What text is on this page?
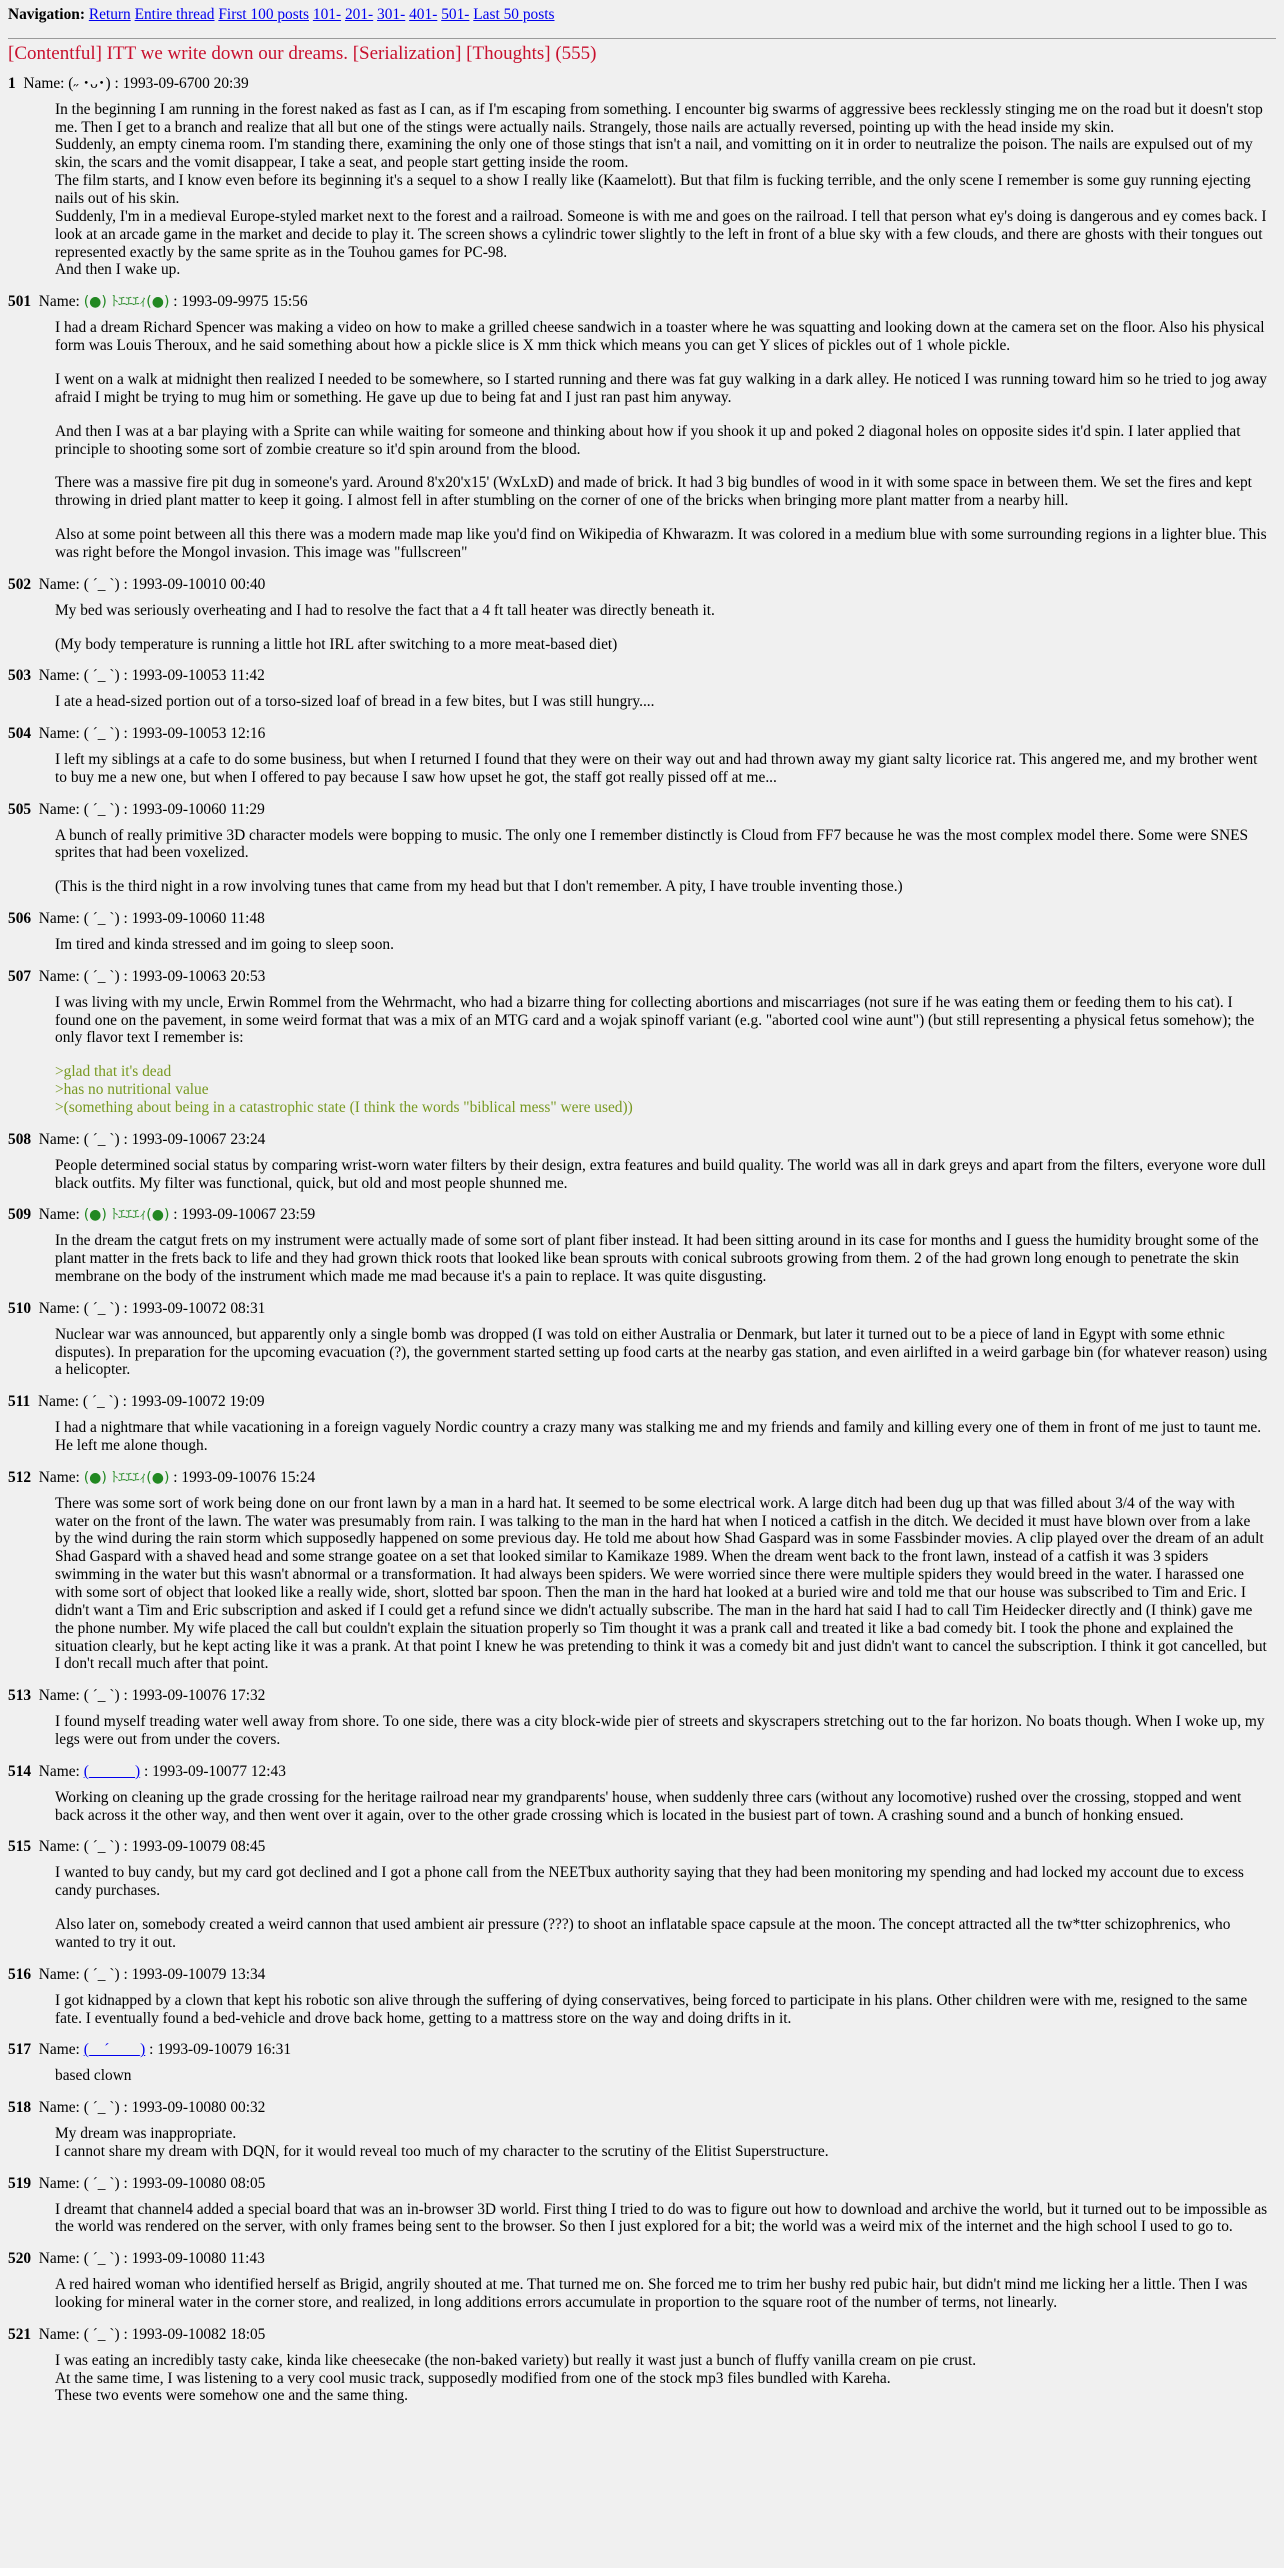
Navigation: Return Entire thread First 100 posts 101- 201- 301- 401- 501- Last 50 posts
[Contentful] ITT we write down our dreams. [Serialization] [Thoughts] (555)
1 Name: (˶ ･ᴗ･) : 1993-09-6700 20:39

In the beginning I am running in the forest naked as fast as I can, as if I'm escaping from something. I encounter big swarms of aggressive bees recklessly stinging me on the road but it doesn't stop me. Then I get to a branch and realize that all but one of the stings were actually nails. Strangely, those nails are actually reversed, pointing up with the head inside my skin.
Suddenly, an empty cinema room. I'm standing there, examining the only one of those stings that isn't a nail, and vomitting on it in order to neutralize the poison. The nails are expulsed out of my skin, the scars and the vomit disappear, I take a seat, and people start getting inside the room.
The film starts, and I know even before its beginning it's a sequel to a show I really like (Kaamelott). But that film is fucking terrible, and the only scene I remember is some guy running ejecting nails out of his skin.
Suddenly, I'm in a medieval Europe-styled market next to the forest and a railroad. Someone is with me and goes on the railroad. I tell that person what ey's doing is dangerous and ey comes back. I look at an arcade game in the market and decide to play it. The screen shows a cylindric tower slightly to the left in front of a blue sky with a few clouds, and there are ghosts with their tongues out represented exactly by the same sprite as in the Touhou games for PC-98.
And then I wake up.

501 Name: (●) ﾄｴｴｴｨ(●) : 1993-09-9975 15:56

I had a dream Richard Spencer was making a video on how to make a grilled cheese sandwich in a toaster where he was squatting and looking down at the camera set on the floor. Also his physical form was Louis Theroux, and he said something about how a pickle slice is X mm thick which means you can get Y slices of pickles out of 1 whole pickle.

I went on a walk at midnight then realized I needed to be somewhere, so I started running and there was fat guy walking in a dark alley. He noticed I was running toward him so he tried to jog away afraid I might be trying to mug him or something. He gave up due to being fat and I just ran past him anyway.

And then I was at a bar playing with a Sprite can while waiting for someone and thinking about how if you shook it up and poked 2 diagonal holes on opposite sides it'd spin. I later applied that principle to shooting some sort of zombie creature so it'd spin around from the blood.

There was a massive fire pit dug in someone's yard. Around 8'x20'x15' (WxLxD) and made of brick. It had 3 big bundles of wood in it with some space in between them. We set the fires and kept throwing in dried plant matter to keep it going. I almost fell in after stumbling on the corner of one of the bricks when bringing more plant matter from a nearby hill.

Also at some point between all this there was a modern made map like you'd find on Wikipedia of Khwarazm. It was colored in a medium blue with some surrounding regions in a lighter blue. This was right before the Mongol invasion. This image was "fullscreen"

502 Name: ( ˊ_ ˋ) : 1993-09-10010 00:40

My bed was seriously overheating and I had to resolve the fact that a 4 ft tall heater was directly beneath it.

(My body temperature is running a little hot IRL after switching to a more meat-based diet)

503 Name: ( ˊ_ ˋ) : 1993-09-10053 11:42

I ate a head-sized portion out of a torso-sized loaf of bread in a few bites, but I was still hungry....

504 Name: ( ˊ_ ˋ) : 1993-09-10053 12:16

I left my siblings at a cafe to do some business, but when I returned I found that they were on their way out and had thrown away my giant salty licorice rat. This angered me, and my brother went to buy me a new one, but when I offered to pay because I saw how upset he got, the staff got really pissed off at me...

505 Name: ( ˊ_ ˋ) : 1993-09-10060 11:29

A bunch of really primitive 3D character models were bopping to music. The only one I remember distinctly is Cloud from FF7 because he was the most complex model there. Some were SNES sprites that had been voxelized.

(This is the third night in a row involving tunes that came from my head but that I don't remember. A pity, I have trouble inventing those.)

506 Name: ( ˊ_ ˋ) : 1993-09-10060 11:48

Im tired and kinda stressed and im going to sleep soon.

507 Name: ( ˊ_ ˋ) : 1993-09-10063 20:53

I was living with my uncle, Erwin Rommel from the Wehrmacht, who had a bizarre thing for collecting abortions and miscarriages (not sure if he was eating them or feeding them to his cat). I found one on the pavement, in some weird format that was a mix of an MTG card and a wojak spinoff variant (e.g. "aborted cool wine aunt") (but still representing a physical fetus somehow); the only flavor text I remember is:

>glad that it's dead
>has no nutritional value
>(something about being in a catastrophic state (I think the words "biblical mess" were used))

508 Name: ( ˊ_ ˋ) : 1993-09-10067 23:24

People determined social status by comparing wrist-worn water filters by their design, extra features and build quality. The world was all in dark greys and apart from the filters, everyone wore dull black outfits. My filter was functional, quick, but old and most people shunned me.

509 Name: (●) ﾄｴｴｴｨ(●) : 1993-09-10067 23:59

In the dream the catgut frets on my instrument were actually made of some sort of plant fiber instead. It had been sitting around in its case for months and I guess the humidity brought some of the plant matter in the frets back to life and they had grown thick roots that looked like bean sprouts with conical subroots growing from them. 2 of the had grown long enough to penetrate the skin membrane on the body of the instrument which made me mad because it's a pain to replace. It was quite disgusting.

510 Name: ( ˊ_ ˋ) : 1993-09-10072 08:31

Nuclear war was announced, but apparently only a single bomb was dropped (I was told on either Australia or Denmark, but later it turned out to be a piece of land in Egypt with some ethnic disputes). In preparation for the upcoming evacuation (?), the government started setting up food carts at the nearby gas station, and even airlifted in a weird garbage bin (for whatever reason) using a helicopter.

511 Name: ( ˊ_ ˋ) : 1993-09-10072 19:09

I had a nightmare that while vacationing in a foreign vaguely Nordic country a crazy many was stalking me and my friends and family and killing every one of them in front of me just to taunt me. He left me alone though.

512 Name: (●) ﾄｴｴｴｨ(●) : 1993-09-10076 15:24

There was some sort of work being done on our front lawn by a man in a hard hat. It seemed to be some electrical work. A large ditch had been dug up that was filled about 3/4 of the way with water on the front of the lawn. The water was presumably from rain. I was talking to the man in the hard hat when I noticed a catfish in the ditch. We decided it must have blown over from a lake by the wind during the rain storm which supposedly happened on some previous day. He told me about how Shad Gaspard was in some Fassbinder movies. A clip played over the dream of an adult Shad Gaspard with a shaved head and some strange goatee on a set that looked similar to Kamikaze 1989. When the dream went back to the front lawn, instead of a catfish it was 3 spiders swimming in the water but this wasn't abnormal or a transformation. It had always been spiders. We were worried since there were multiple spiders they would breed in the water. I harassed one with some sort of object that looked like a really wide, short, slotted bar spoon. Then the man in the hard hat looked at a buried wire and told me that our house was subscribed to Tim and Eric. I didn't want a Tim and Eric subscription and asked if I could get a refund since we didn't actually subscribe. The man in the hard hat said I had to call Tim Heidecker directly and (I think) gave me the phone number. My wife placed the call but couldn't explain the situation properly so Tim thought it was a prank call and treated it like a bad comedy bit. I took the phone and explained the situation clearly, but he kept acting like it was a prank. At that point I knew he was pretending to think it was a comedy bit and just didn't want to cancel the subscription. I think it got cancelled, but I don't recall much after that point.

513 Name: ( ˊ_ ˋ) : 1993-09-10076 17:32

I found myself treading water well away from shore. To one side, there was a city block-wide pier of streets and skyscrapers stretching out to the far horizon. No boats though. When I woke up, my legs were out from under the covers.

514 Name: (______) : 1993-09-10077 12:43

Working on cleaning up the grade crossing for the heritage railroad near my grandparents' house, when suddenly three cars (without any locomotive) rushed over the crossing, stopped and went back across it the other way, and then went over it again, over to the other grade crossing which is located in the busiest part of town. A crashing sound and a bunch of honking ensued.

515 Name: ( ˊ_ ˋ) : 1993-09-10079 08:45

I wanted to buy candy, but my card got declined and I got a phone call from the NEETbux authority saying that they had been monitoring my spending and had locked my account due to excess candy purchases.

Also later on, somebody created a weird cannon that used ambient air pressure (???) to shoot an inflatable space capsule at the moon. The concept attracted all the tw*tter schizophrenics, who wanted to try it out.

516 Name: ( ˊ_ ˋ) : 1993-09-10079 13:34

I got kidnapped by a clown that kept his robotic son alive through the suffering of dying conservatives, being forced to participate in his plans. Other children were with me, resigned to the same fate. I eventually found a bed-vehicle and drove back home, getting to a mattress store on the way and doing drifts in it.

517 Name: (__ˊ____) : 1993-09-10079 16:31

based clown

518 Name: ( ˊ_ ˋ) : 1993-09-10080 00:32

My dream was inappropriate.
I cannot share my dream with DQN, for it would reveal too much of my character to the scrutiny of the Elitist Superstructure.

519 Name: ( ˊ_ ˋ) : 1993-09-10080 08:05

I dreamt that channel4 added a special board that was an in-browser 3D world. First thing I tried to do was to figure out how to download and archive the world, but it turned out to be impossible as the world was rendered on the server, with only frames being sent to the browser. So then I just explored for a bit; the world was a weird mix of the internet and the high school I used to go to.

520 Name: ( ˊ_ ˋ) : 1993-09-10080 11:43

A red haired woman who identified herself as Brigid, angrily shouted at me. That turned me on. She forced me to trim her bushy red pubic hair, but didn't mind me licking her a little. Then I was looking for mineral water in the corner store, and realized, in long additions errors accumulate in proportion to the square root of the number of terms, not linearly.

521 Name: ( ˊ_ ˋ) : 1993-09-10082 18:05

I was eating an incredibly tasty cake, kinda like cheesecake (the non-baked variety) but really it wast just a bunch of fluffy vanilla cream on pie crust.
At the same time, I was listening to a very cool music track, supposedly modified from one of the stock mp3 files bundled with Kareha.
These two events were somehow one and the same thing.
